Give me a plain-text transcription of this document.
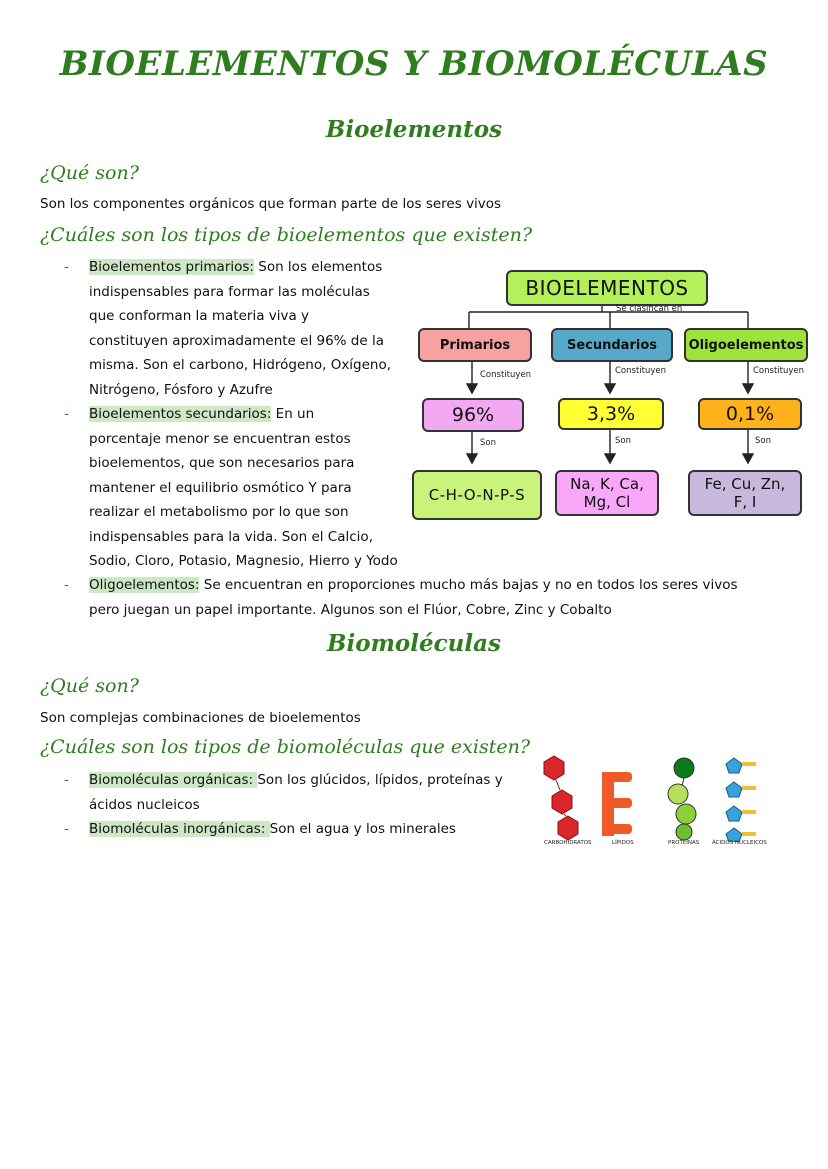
BIOELEMENTOS Y BIOMOLÉCULAS
Bioelementos
¿Qué son?
Son los componentes orgánicos que forman parte de los seres vivos
¿Cuáles son los tipos de bioelementos que existen?
- Bioelementos primarios: Son los elementos
indispensables para formar las moléculas
que conforman la materia viva y
constituyen aproximadamente el 96% de la
misma. Son el carbono, Hidrógeno, Oxígeno,
Nitrógeno, Fósforo y Azufre
- Bioelementos secundarios: En un
porcentaje menor se encuentran estos
bioelementos, que son necesarios para
mantener el equilibrio osmótico Y para
realizar el metabolismo por lo que son
indispensables para la vida. Son el Calcio,
Sodio, Cloro, Potasio, Magnesio, Hierro y Yodo
- Oligoelementos: Se encuentran en proporciones mucho más bajas y no en todos los seres vivos
pero juegan un papel importante. Algunos son el Flúor, Cobre, Zinc y Cobalto
BIOELEMENTOS
Se clasifican en
Primarios	Secundarios	Oligoelementos
Constituyen	Constituyen	Constituyen
96%	3,3%	0,1%
Son	Son	Son
C-H-O-N-P-S
Na, K, Ca, Mg, Cl
Fe, Cu, Zn, F, I
Biomoléculas
¿Qué son?
Son complejas combinaciones de bioelementos
¿Cuáles son los tipos de biomoléculas que existen?
- Biomoléculas orgánicas: Son los glúcidos, lípidos, proteínas y
ácidos nucleicos
- Biomoléculas inorgánicas: Son el agua y los minerales
CARBOHIDRATOS	LÍPIDOS	PROTEÍNAS ÁCIDOS NUCLEICOS
